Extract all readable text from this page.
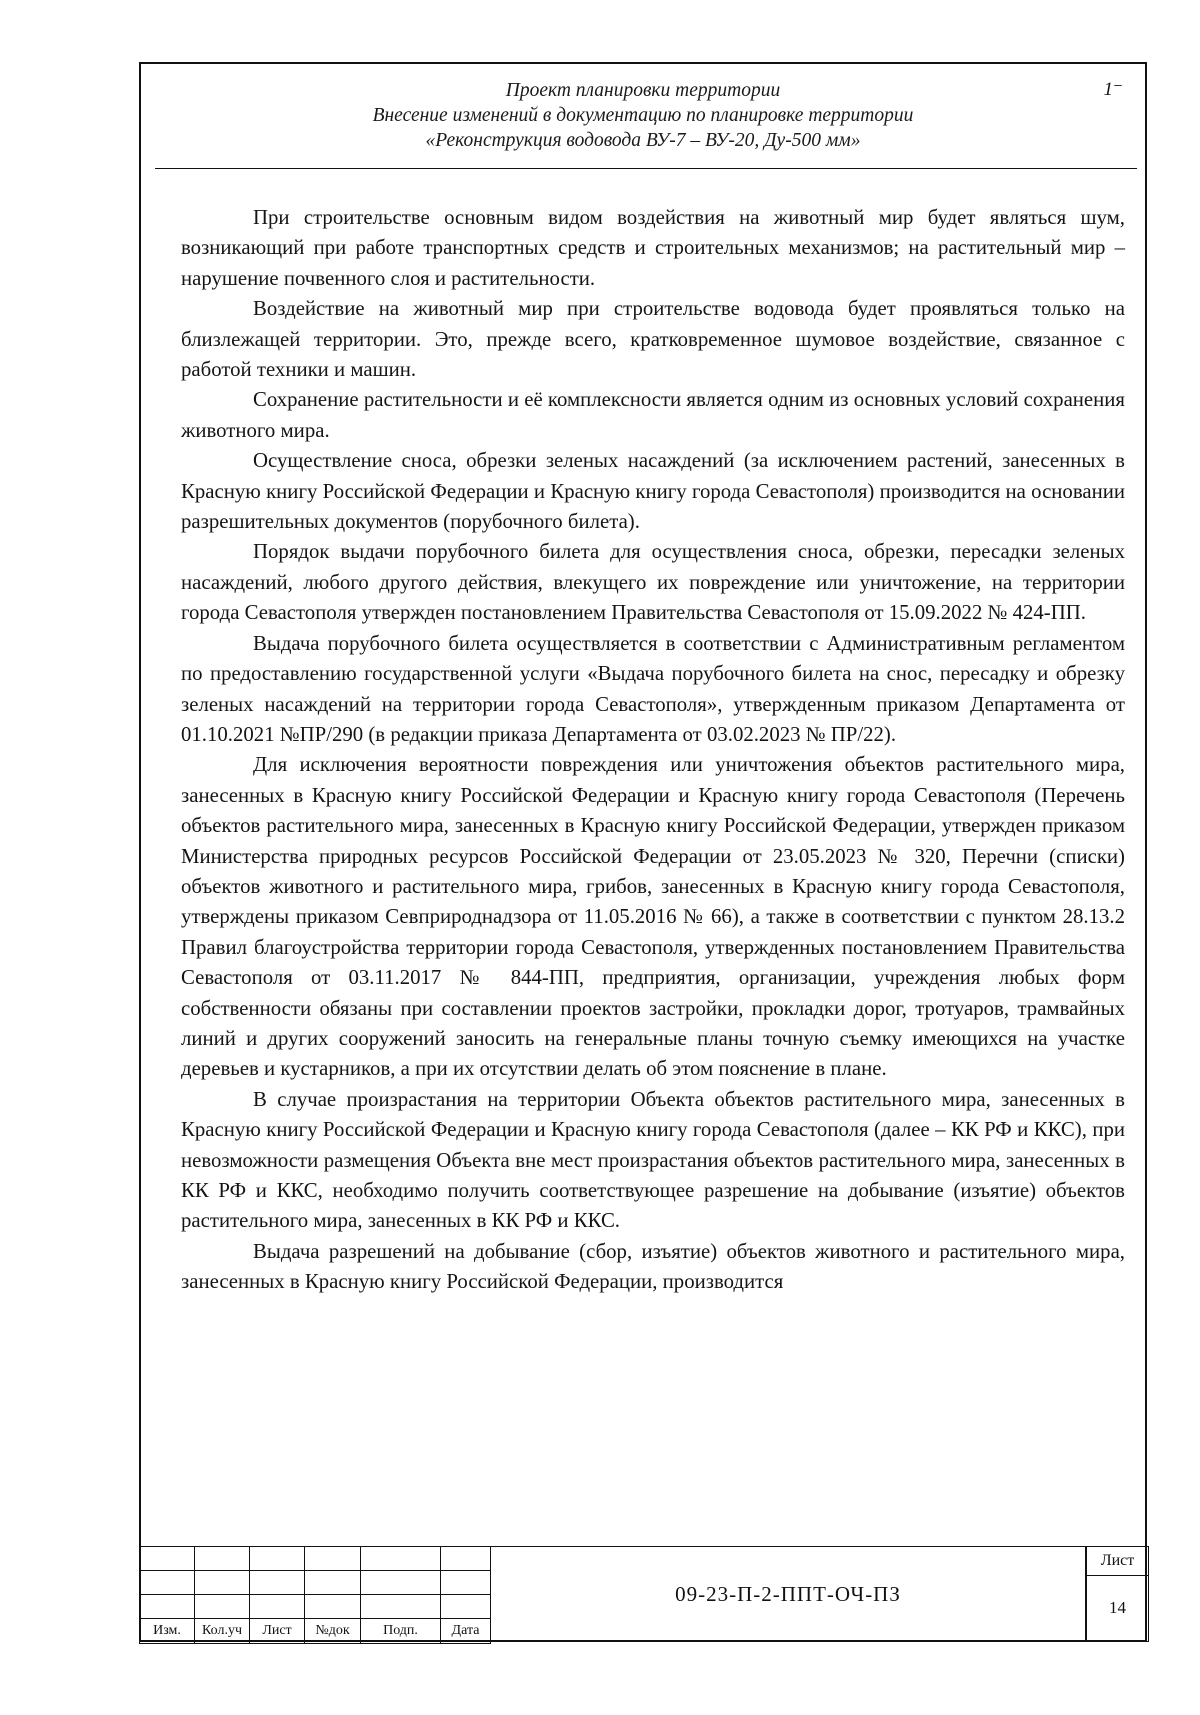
Проект планировки территории
Внесение изменений в документацию по планировке территории
«Реконструкция водовода ВУ-7 – ВУ-20, Ду-500 мм»
1⁻

При строительстве основным видом воздействия на животный мир будет являться шум, возникающий при работе транспортных средств и строительных механизмов; на растительный мир – нарушение почвенного слоя и растительности.

Воздействие на животный мир при строительстве водовода будет проявляться только на близлежащей территории. Это, прежде всего, кратковременное шумовое воздействие, связанное с работой техники и машин.

Сохранение растительности и её комплексности является одним из основных условий сохранения животного мира.

Осуществление сноса, обрезки зеленых насаждений (за исключением растений, занесенных в Красную книгу Российской Федерации и Красную книгу города Севастополя) производится на основании разрешительных документов (порубочного билета).

Порядок выдачи порубочного билета для осуществления сноса, обрезки, пересадки зеленых насаждений, любого другого действия, влекущего их повреждение или уничтожение, на территории города Севастополя утвержден постановлением Правительства Севастополя от 15.09.2022 № 424-ПП.

Выдача порубочного билета осуществляется в соответствии с Административным регламентом по предоставлению государственной услуги «Выдача порубочного билета на снос, пересадку и обрезку зеленых насаждений на территории города Севастополя», утвержденным приказом Департамента от 01.10.2021 №ПР/290 (в редакции приказа Департамента от 03.02.2023 № ПР/22).

Для исключения вероятности повреждения или уничтожения объектов растительного мира, занесенных в Красную книгу Российской Федерации и Красную книгу города Севастополя (Перечень объектов растительного мира, занесенных в Красную книгу Российской Федерации, утвержден приказом Министерства природных ресурсов Российской Федерации от 23.05.2023 № 320, Перечни (списки) объектов животного и растительного мира, грибов, занесенных в Красную книгу города Севастополя, утверждены приказом Севприроднадзора от 11.05.2016 № 66), а также в соответствии с пунктом 28.13.2 Правил благоустройства территории города Севастополя, утвержденных постановлением Правительства Севастополя от 03.11.2017 № 844-ПП, предприятия, организации, учреждения любых форм собственности обязаны при составлении проектов застройки, прокладки дорог, тротуаров, трамвайных линий и других сооружений заносить на генеральные планы точную съемку имеющихся на участке деревьев и кустарников, а при их отсутствии делать об этом пояснение в плане.

В случае произрастания на территории Объекта объектов растительного мира, занесенных в Красную книгу Российской Федерации и Красную книгу города Севастополя (далее – КК РФ и ККС), при невозможности размещения Объекта вне мест произрастания объектов растительного мира, занесенных в КК РФ и ККС, необходимо получить соответствующее разрешение на добывание (изъятие) объектов растительного мира, занесенных в КК РФ и ККС.

Выдача разрешений на добывание (сбор, изъятие) объектов животного и растительного мира, занесенных в Красную книгу Российской Федерации, производится

Изм.	Кол.уч	Лист	№док	Подп.	Дата
09-23-П-2-ППТ-ОЧ-ПЗ
Лист
14
